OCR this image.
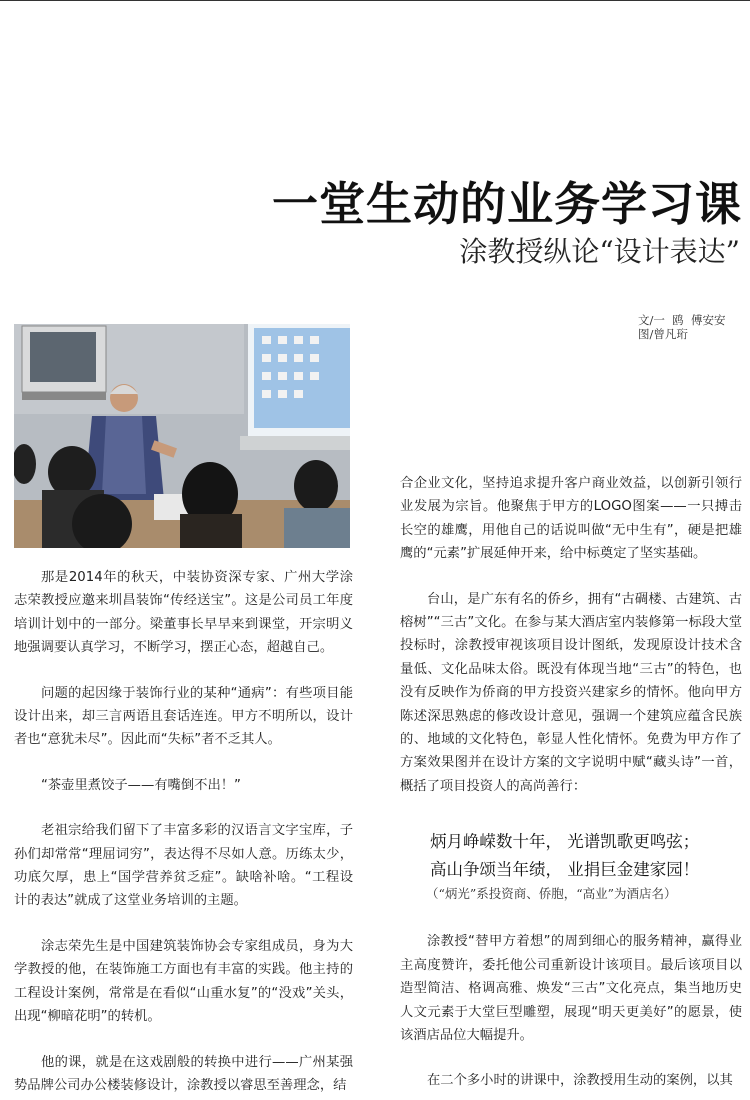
一堂生动的业务学习课
涂教授纵论“设计表达”
文/一  鸥  傅安安
图/曾凡珩

那是2014年的秋天，中装协资深专家、广州大学涂志荣教授应邀来圳昌装饰“传经送宝”。这是公司员工年度培训计划中的一部分。梁董事长早早来到课堂，开宗明义地强调要认真学习，不断学习，摆正心态，超越自己。

问题的起因缘于装饰行业的某种“通病”：有些项目能设计出来，却三言两语且套话连连。甲方不明所以，设计者也“意犹未尽”。因此而“失标”者不乏其人。

“茶壶里煮饺子——有嘴倒不出！”

老祖宗给我们留下了丰富多彩的汉语言文字宝库，子孙们却常常“理屈词穷”，表达得不尽如人意。历练太少，功底欠厚，患上“国学营养贫乏症”。缺啥补啥。“工程设计的表达”就成了这堂业务培训的主题。

涂志荣先生是中国建筑装饰协会专家组成员，身为大学教授的他，在装饰施工方面也有丰富的实践。他主持的工程设计案例，常常是在看似“山重水复”的“没戏”关头，出现“柳暗花明”的转机。

他的课，就是在这戏剧般的转换中进行——广州某强势品牌公司办公楼装修设计，涂教授以睿思至善理念，结

合企业文化，坚持追求提升客户商业效益，以创新引领行业发展为宗旨。他聚焦于甲方的LOGO图案——一只搏击长空的雄鹰，用他自己的话说叫做“无中生有”，硬是把雄鹰的“元素”扩展延伸开来，给中标奠定了坚实基础。

台山，是广东有名的侨乡，拥有“古碉楼、古建筑、古榕树”“三古”文化。在参与某大酒店室内装修第一标段大堂投标时，涂教授审视该项目设计图纸，发现原设计技术含量低、文化品味太俗。既没有体现当地“三古”的特色，也没有反映作为侨商的甲方投资兴建家乡的情怀。他向甲方陈述深思熟虑的修改设计意见，强调一个建筑应蕴含民族的、地域的文化特色，彰显人性化情怀。免费为甲方作了方案效果图并在设计方案的文字说明中赋“藏头诗”一首，概括了项目投资人的高尚善行：

炳月峥嵘数十年， 光谱凯歌更鸣弦；
高山争颂当年绩， 业捐巨金建家园！
（“炳光”系投资商、侨胞，“高业”为酒店名）

涂教授“替甲方着想”的周到细心的服务精神，赢得业主高度赞许，委托他公司重新设计该项目。最后该项目以造型简洁、格调高雅、焕发“三古”文化亮点，集当地历史人文元素于大堂巨型雕塑，展现“明天更美好”的愿景，使该酒店品位大幅提升。

在二个多小时的讲课中，涂教授用生动的案例，以其
